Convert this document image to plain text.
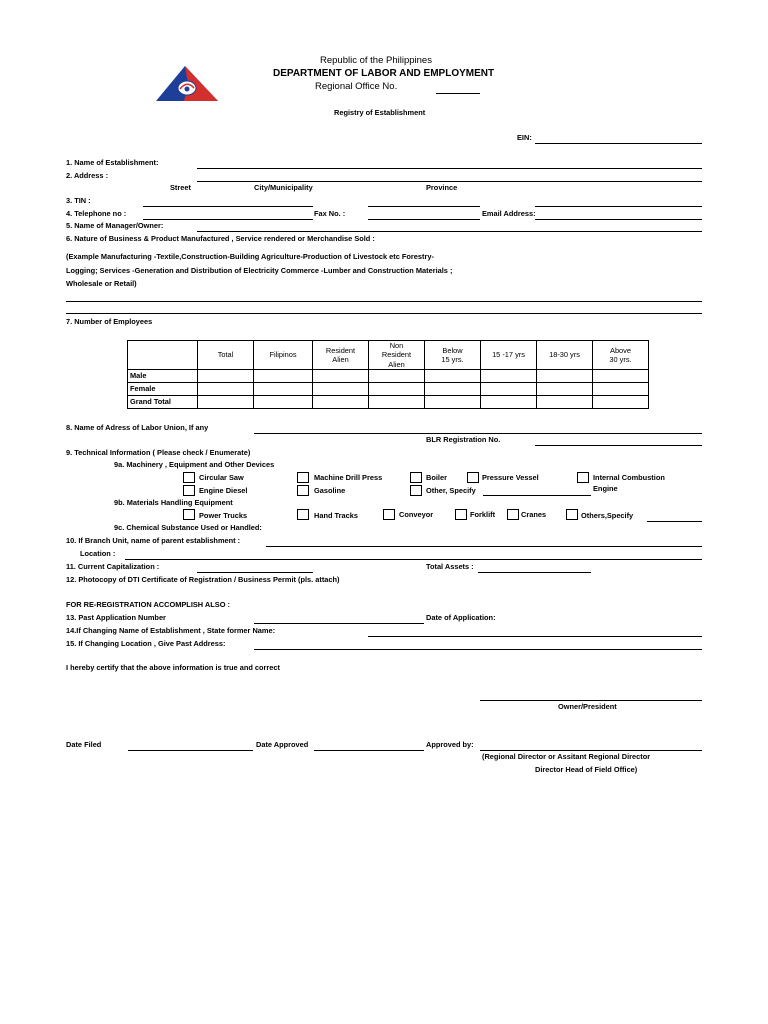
Republic of the Philippines
DEPARTMENT OF LABOR AND EMPLOYMENT
Regional Office No.
Registry of Establishment
EIN:
1. Name of Establishment:
2. Address :
Street	City/Municipality	Province
3. TIN :
4. Telephone no :	Fax No. :	Email Address:
5. Name of Manager/Owner:
6. Nature of Business & Product Manufactured , Service rendered or Merchandise Sold :
(Example Manufacturing -Textile,Construction-Building Agriculture-Production of Livestock etc Forestry-
Logging; Services -Generation and Distribution of Electricity Commerce -Lumber and Construction Materials ;
Wholesale or Retail)
7. Number of Employees
	Total	Filipinos	Resident Alien	Non Resident Alien	Below 15 yrs.	15 -17 yrs	18-30 yrs	Above 30 yrs.

Male								
Female								
Grand Total								
8. Name of Adress of Labor Union, If any
BLR Registration No.
9. Technical Information ( Please check / Enumerate)
9a. Machinery , Equipment and Other Devices
Circular Saw	Machine Drill Press	Boiler	Pressure Vessel	Internal Combustion
Engine
Engine Diesel	Gasoline	Other, Specify
9b. Materials Handling Equipment
Power Trucks	Hand Tracks	Conveyor	Forklift	Cranes	Others,Specify
9c. Chemical Substance Used or Handled:
10. If Branch Unit, name of parent establishment :
Location :
11. Current Capitalization :	Total Assets :
12. Photocopy of DTI Certificate of Registration / Business Permit (pls. attach)
FOR RE-REGISTRATION ACCOMPLISH ALSO :
13. Past Application Number	Date of Application:
14.If Changing Name of Establishment , State former Name:
15. If Changing Location , Give Past Address:
I hereby certify that the above information is true and correct
Owner/President
Date Filed	Date Approved	Approved by:
(Regional Director or Assitant Regional Director
Director Head of Field Office)
